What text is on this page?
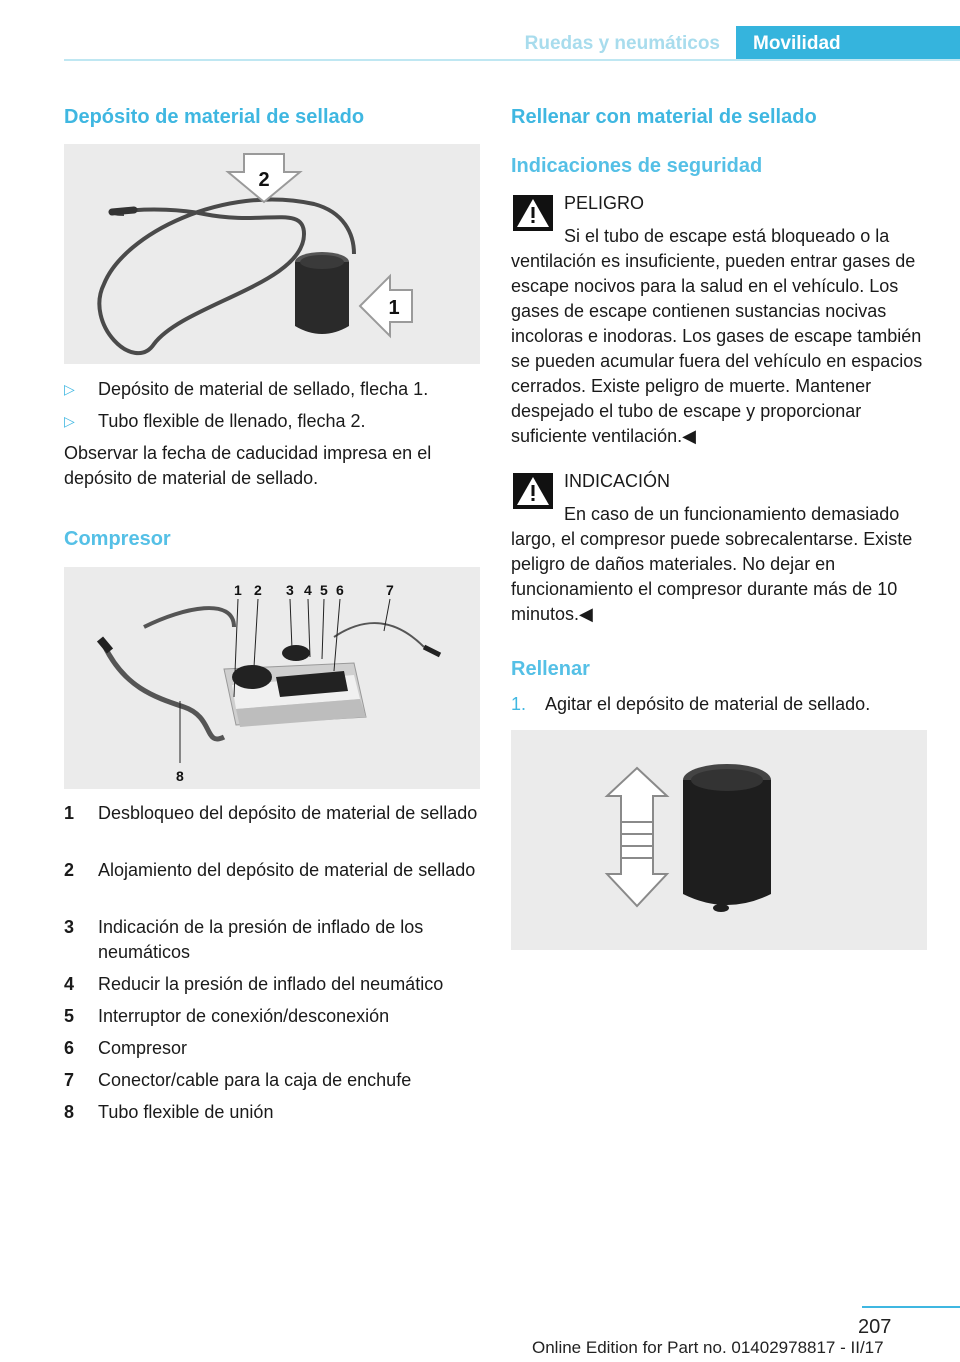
Ruedas y neumáticos	Movilidad
Depósito de material de sellado
2
1
▷ Depósito de material de sellado, flecha 1.
▷ Tubo flexible de llenado, flecha 2.

Observar la fecha de caducidad impresa en el depósito de material de sellado.

Compresor
1 2 3 4 5 6	7
8
1 Desbloqueo del depósito de material de sellado
2 Alojamiento del depósito de material de sellado
3 Indicación de la presión de inflado de los neumáticos
4 Reducir la presión de inflado del neumático
5 Interruptor de conexión/desconexión
6 Compresor
7 Conector/cable para la caja de enchufe
8 Tubo flexible de unión
Rellenar con material de sellado
Indicaciones de seguridad
PELIGRO
Si el tubo de escape está bloqueado o la ventilación es insuficiente, pueden entrar gases de escape nocivos para la salud en el vehículo. Los gases de escape contienen sustancias nocivas incoloras e inodoras. Los gases de escape también se pueden acumular fuera del vehículo en espacios cerrados. Existe peligro de muerte. Mantener despejado el tubo de escape y proporcionar suficiente ventilación.◀
INDICACIÓN
En caso de un funcionamiento demasiado largo, el compresor puede sobrecalentarse. Existe peligro de daños materiales. No dejar en funcionamiento el compresor durante más de 10 minutos.◀
Rellenar
1. Agitar el depósito de material de sellado.
207
Online Edition for Part no. 01402978817 - II/17
